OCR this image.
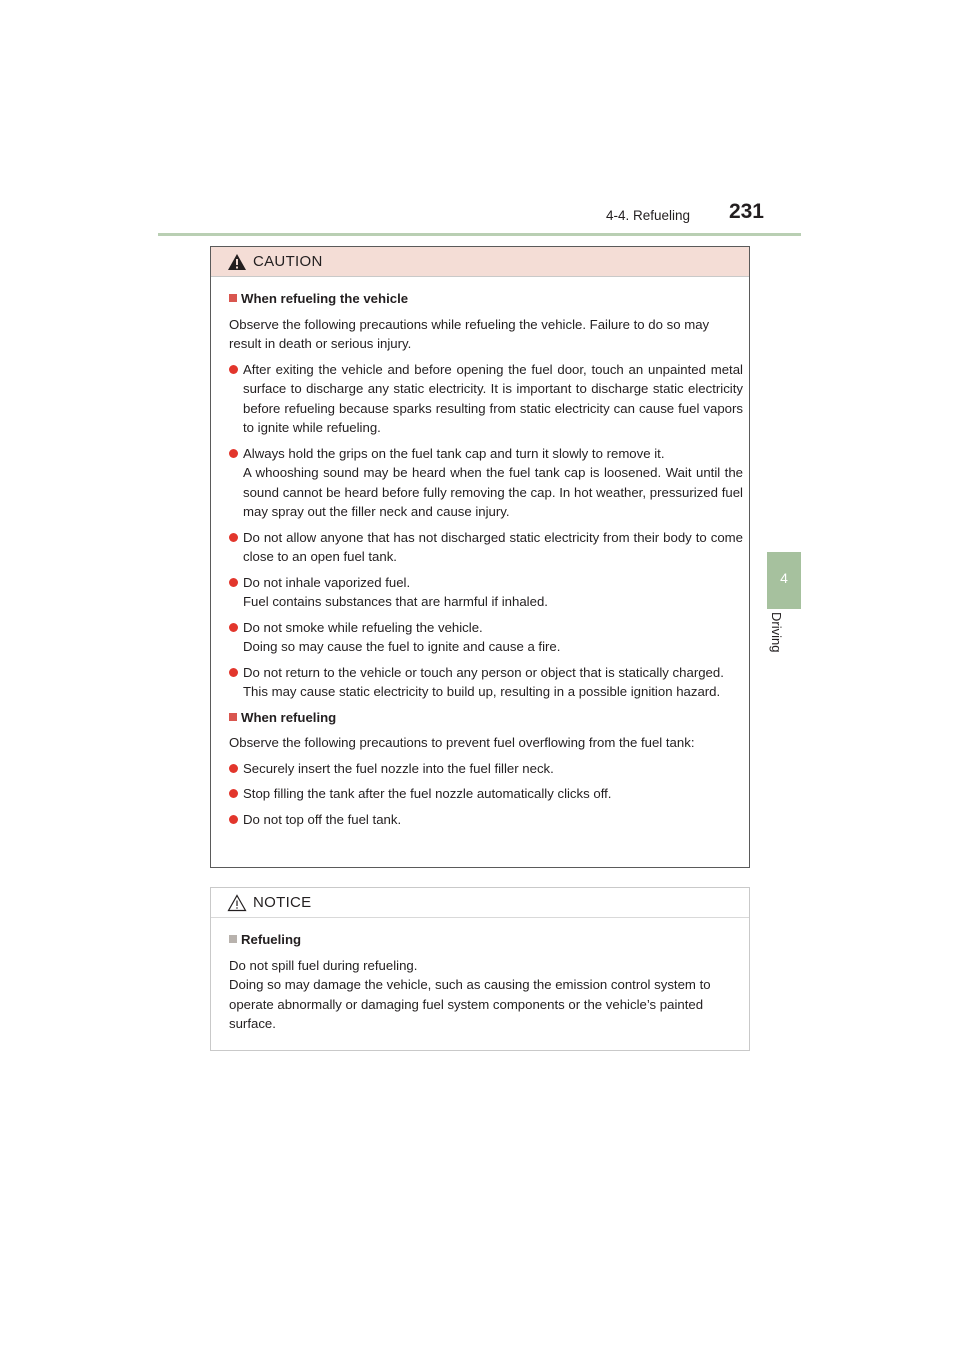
4-4. Refueling 231
4
Driving
CAUTION

When refueling the vehicle

Observe the following precautions while refueling the vehicle. Failure to do so may result in death or serious injury.

After exiting the vehicle and before opening the fuel door, touch an unpainted metal surface to discharge any static electricity. It is important to discharge static electricity before refueling because sparks resulting from static electricity can cause fuel vapors to ignite while refueling.
Always hold the grips on the fuel tank cap and turn it slowly to remove it.
A whooshing sound may be heard when the fuel tank cap is loosened. Wait until the sound cannot be heard before fully removing the cap. In hot weather, pressurized fuel may spray out the filler neck and cause injury.
Do not allow anyone that has not discharged static electricity from their body to come close to an open fuel tank.
Do not inhale vaporized fuel.
Fuel contains substances that are harmful if inhaled.
Do not smoke while refueling the vehicle.
Doing so may cause the fuel to ignite and cause a fire.
Do not return to the vehicle or touch any person or object that is statically charged.
This may cause static electricity to build up, resulting in a possible ignition hazard.

When refueling

Observe the following precautions to prevent fuel overflowing from the fuel tank:

Securely insert the fuel nozzle into the fuel filler neck.
Stop filling the tank after the fuel nozzle automatically clicks off.
Do not top off the fuel tank.
NOTICE

Refueling

Do not spill fuel during refueling.
Doing so may damage the vehicle, such as causing the emission control system to operate abnormally or damaging fuel system components or the vehicle’s painted surface.
